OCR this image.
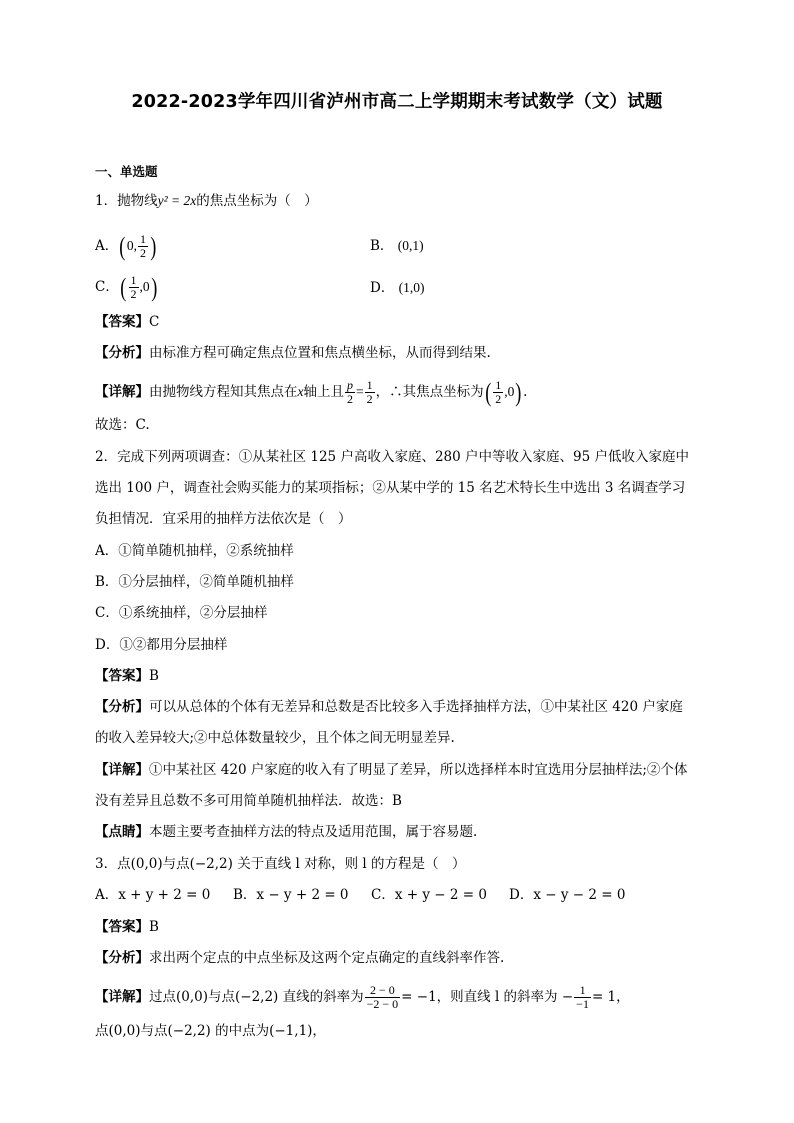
2022-2023学年四川省泸州市高二上学期期末考试数学（文）试题
一、单选题
1．抛物线y² = 2x的焦点坐标为（　）
A．(0, $\frac{1}{2}$ )	B． (0,1)
C．( $\frac{1}{2} ,0$)	D． (1,0)
【答案】C
【分析】由标准方程可确定焦点位置和焦点横坐标，从而得到结果.
【详解】由抛物线方程知其焦点在x轴上且 $\frac{p}{2} = \frac{1}{2}$ ，∴其焦点坐标为( $\frac{1}{2} ,0$).
故选：C.
2．完成下列两项调查：①从某社区 125 户高收入家庭、280 户中等收入家庭、95 户低收入家庭中
选出 100 户，调查社会购买能力的某项指标；②从某中学的 15 名艺术特长生中选出 3 名调查学习
负担情况．宜采用的抽样方法依次是（　）
A．①简单随机抽样，②系统抽样
B．①分层抽样，②简单随机抽样
C．①系统抽样，②分层抽样
D．①②都用分层抽样
【答案】B
【分析】可以从总体的个体有无差异和总数是否比较多入手选择抽样方法，①中某社区 420 户家庭
的收入差异较大;②中总体数量较少，且个体之间无明显差异.
【详解】①中某社区 420 户家庭的收入有了明显了差异，所以选择样本时宜选用分层抽样法;②个体
没有差异且总数不多可用简单随机抽样法．故选：B
【点睛】本题主要考查抽样方法的特点及适用范围，属于容易题.
3．点(0,0)与点(−2,2) 关于直线 l 对称，则 l 的方程是（　）
A．x + y + 2 = 0 B．x − y + 2 = 0 C．x + y − 2 = 0 D．x − y − 2 = 0
【答案】B
【分析】求出两个定点的中点坐标及这两个定点确定的直线斜率作答.
【详解】过点(0,0)与点(−2,2) 直线的斜率为 $\frac{2 - 0}{-2 - 0} = -1$，则直线 l 的斜率为 − $\frac{1}{-1} = 1$，
点(0,0)与点(−2,2) 的中点为(−1,1)，
